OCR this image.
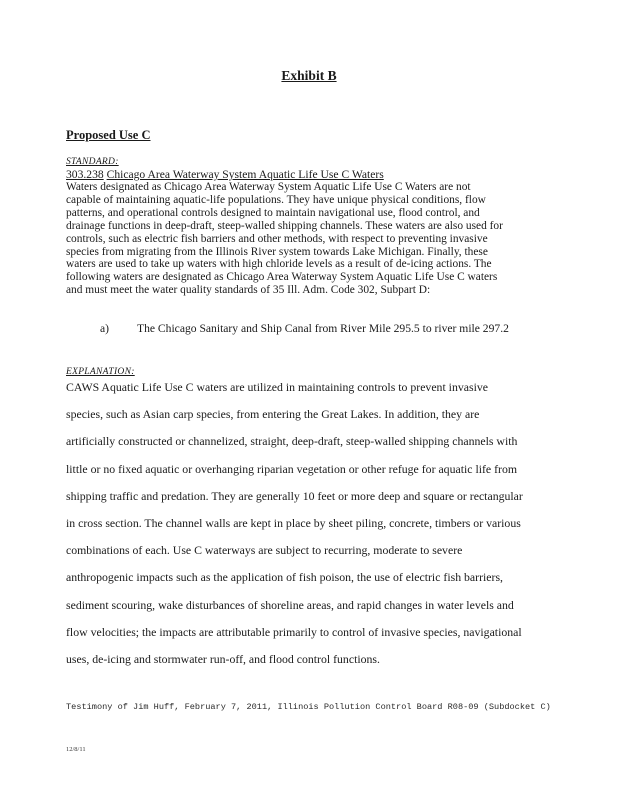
Exhibit B
Proposed Use C
STANDARD:
303.238 Chicago Area Waterway System Aquatic Life Use C Waters
Waters designated as Chicago Area Waterway System Aquatic Life Use C Waters are not
capable of maintaining aquatic-life populations. They have unique physical conditions, flow
patterns, and operational controls designed to maintain navigational use, flood control, and
drainage functions in deep-draft, steep-walled shipping channels. These waters are also used for
controls, such as electric fish barriers and other methods, with respect to preventing invasive
species from migrating from the Illinois River system towards Lake Michigan. Finally, these
waters are used to take up waters with high chloride levels as a result of de-icing actions. The
following waters are designated as Chicago Area Waterway System Aquatic Life Use C waters
and must meet the water quality standards of 35 Ill. Adm. Code 302, Subpart D:
a) The Chicago Sanitary and Ship Canal from River Mile 295.5 to river mile 297.2
EXPLANATION:
CAWS Aquatic Life Use C waters are utilized in maintaining controls to prevent invasive
species, such as Asian carp species, from entering the Great Lakes. In addition, they are
artificially constructed or channelized, straight, deep-draft, steep-walled shipping channels with
little or no fixed aquatic or overhanging riparian vegetation or other refuge for aquatic life from
shipping traffic and predation. They are generally 10 feet or more deep and square or rectangular
in cross section. The channel walls are kept in place by sheet piling, concrete, timbers or various
combinations of each. Use C waterways are subject to recurring, moderate to severe
anthropogenic impacts such as the application of fish poison, the use of electric fish barriers,
sediment scouring, wake disturbances of shoreline areas, and rapid changes in water levels and
flow velocities; the impacts are attributable primarily to control of invasive species, navigational
uses, de-icing and stormwater run-off, and flood control functions.
Testimony of Jim Huff, February 7, 2011, Illinois Pollution Control Board R08-09 (Subdocket C)
12/8/11
